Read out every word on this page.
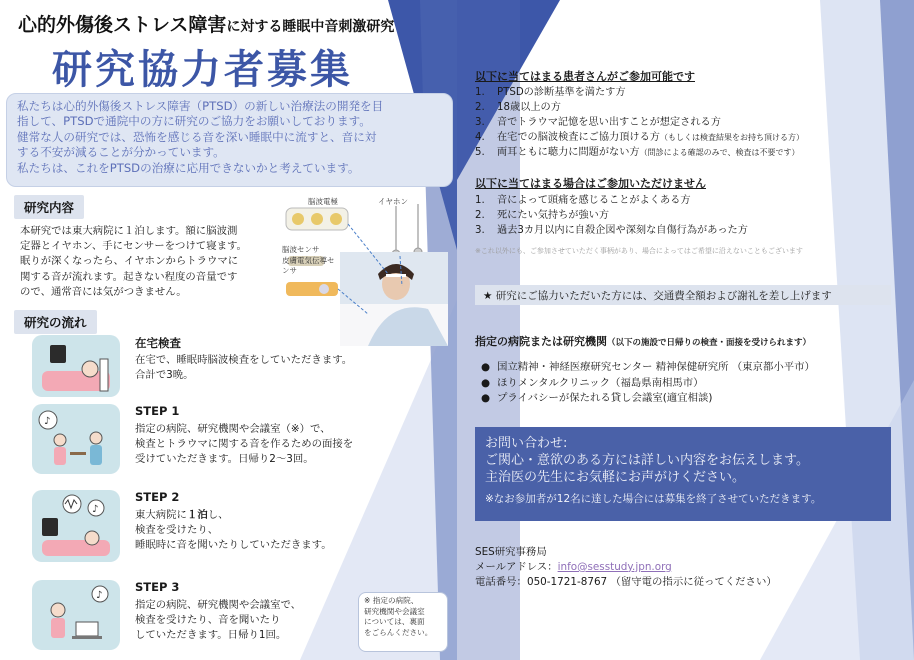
心的外傷後ストレス障害に対する睡眠中音刺激研究
研究協力者募集
私たちは心的外傷後ストレス障害（PTSD）の新しい治療法の開発を目
指して、PTSDで通院中の方に研究のご協力をお願いしております。
健常な人の研究では、恐怖を感じる音を深い睡眠中に流すと、音に対
する不安が減ることが分かっています。
私たちは、これをPTSDの治療に応用できないかと考えています。
研究内容
本研究では東大病院に１泊します。額に脳波測
定器とイヤホン、手にセンサーをつけて寝ます。
眠りが深くなったら、イヤホンからトラウマに
関する音が流れます。起きない程度の音量です
ので、通常音には気がつきません。
脳波電極	イヤホン
脳波センサ
皮膚電気伝導センサ
研究の流れ
在宅検査
在宅で、睡眠時脳波検査をしていただきます。
合計で3晩。
♪
STEP 1
指定の病院、研究機関や会議室（※）で、
検査とトラウマに関する音を作るための面接を
受けていただきます。日帰り2～3回。
♪
STEP 2
東大病院に１泊し、
検査を受けたり、
睡眠時に音を聞いたりしていただきます。
♪
STEP 3
指定の病院、研究機関や会議室で、
検査を受けたり、音を聞いたり
していただきます。日帰り1回。
※ 指定の病院、
研究機関や会議室
については、裏面
をごらんください。
以下に当てはまる患者さんがご参加可能です
1. PTSDの診断基準を満たす方
2. 18歳以上の方
3. 音でトラウマ記憶を思い出すことが想定される方
4. 在宅での脳波検査にご協力頂ける方（もしくは検査結果をお持ち頂ける方）
5. 両耳ともに聴力に問題がない方（問診による確認のみで、検査は不要です）
以下に当てはまる場合はご参加いただけません
1. 音によって頭痛を感じることがよくある方
2. 死にたい気持ちが強い方
3. 過去3カ月以内に自殺企図や深刻な自傷行為があった方
※これ以外にも、ご参加させていただく事柄があり、場合によってはご希望に沿えないこともございます
★ 研究にご協力いただいた方には、交通費全額および謝礼を差し上げます
指定の病院または研究機関（以下の施設で日帰りの検査・面接を受けられます）
● 国立精神・神経医療研究センター 精神保健研究所 （東京都小平市）
● ほりメンタルクリニック（福島県南相馬市）
● プライバシーが保たれる貸し会議室(適宜相談)
お問い合わせ:
ご関心・意欲のある方には詳しい内容をお伝えします。
主治医の先生にお気軽にお声がけください。
※なお参加者が12名に達した場合には募集を終了させていただきます。
SES研究事務局
メールアドレス：info@sesstudy.jpn.org
電話番号：050-1721-8767 （留守電の指示に従ってください）
